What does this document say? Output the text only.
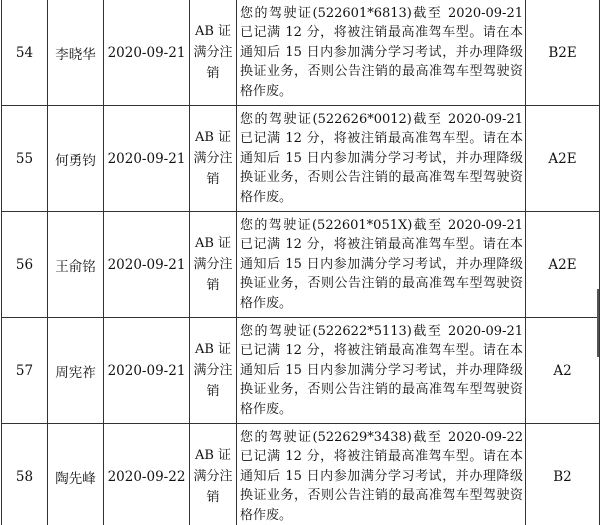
54	李晓华	2020-09-21	AB 证满分注销	您的驾驶证(522601*6813)截至 2020-09-21 已记满 12 分，将被注销最高准驾车型。请在本通知后 15 日内参加满分学习考试，并办理降级换证业务，否则公告注销的最高准驾车型驾驶资格作废。	B2E
55	何勇钧	2020-09-21	AB 证满分注销	您的驾驶证(522626*0012)截至 2020-09-21 已记满 12 分，将被注销最高准驾车型。请在本通知后 15 日内参加满分学习考试，并办理降级换证业务，否则公告注销的最高准驾车型驾驶资格作废。	A2E
56	王俞铭	2020-09-21	AB 证满分注销	您的驾驶证(522601*051X)截至 2020-09-21 已记满 12 分，将被注销最高准驾车型。请在本通知后 15 日内参加满分学习考试，并办理降级换证业务，否则公告注销的最高准驾车型驾驶资格作废。	A2E
57	周宪祚	2020-09-21	AB 证满分注销	您的驾驶证(522622*5113)截至 2020-09-21 已记满 12 分，将被注销最高准驾车型。请在本通知后 15 日内参加满分学习考试，并办理降级换证业务，否则公告注销的最高准驾车型驾驶资格作废。	A2
58	陶先峰	2020-09-22	AB 证满分注销	您的驾驶证(522629*3438)截至 2020-09-22 已记满 12 分，将被注销最高准驾车型。请在本通知后 15 日内参加满分学习考试，并办理降级换证业务，否则公告注销的最高准驾车型驾驶资格作废。	B2
